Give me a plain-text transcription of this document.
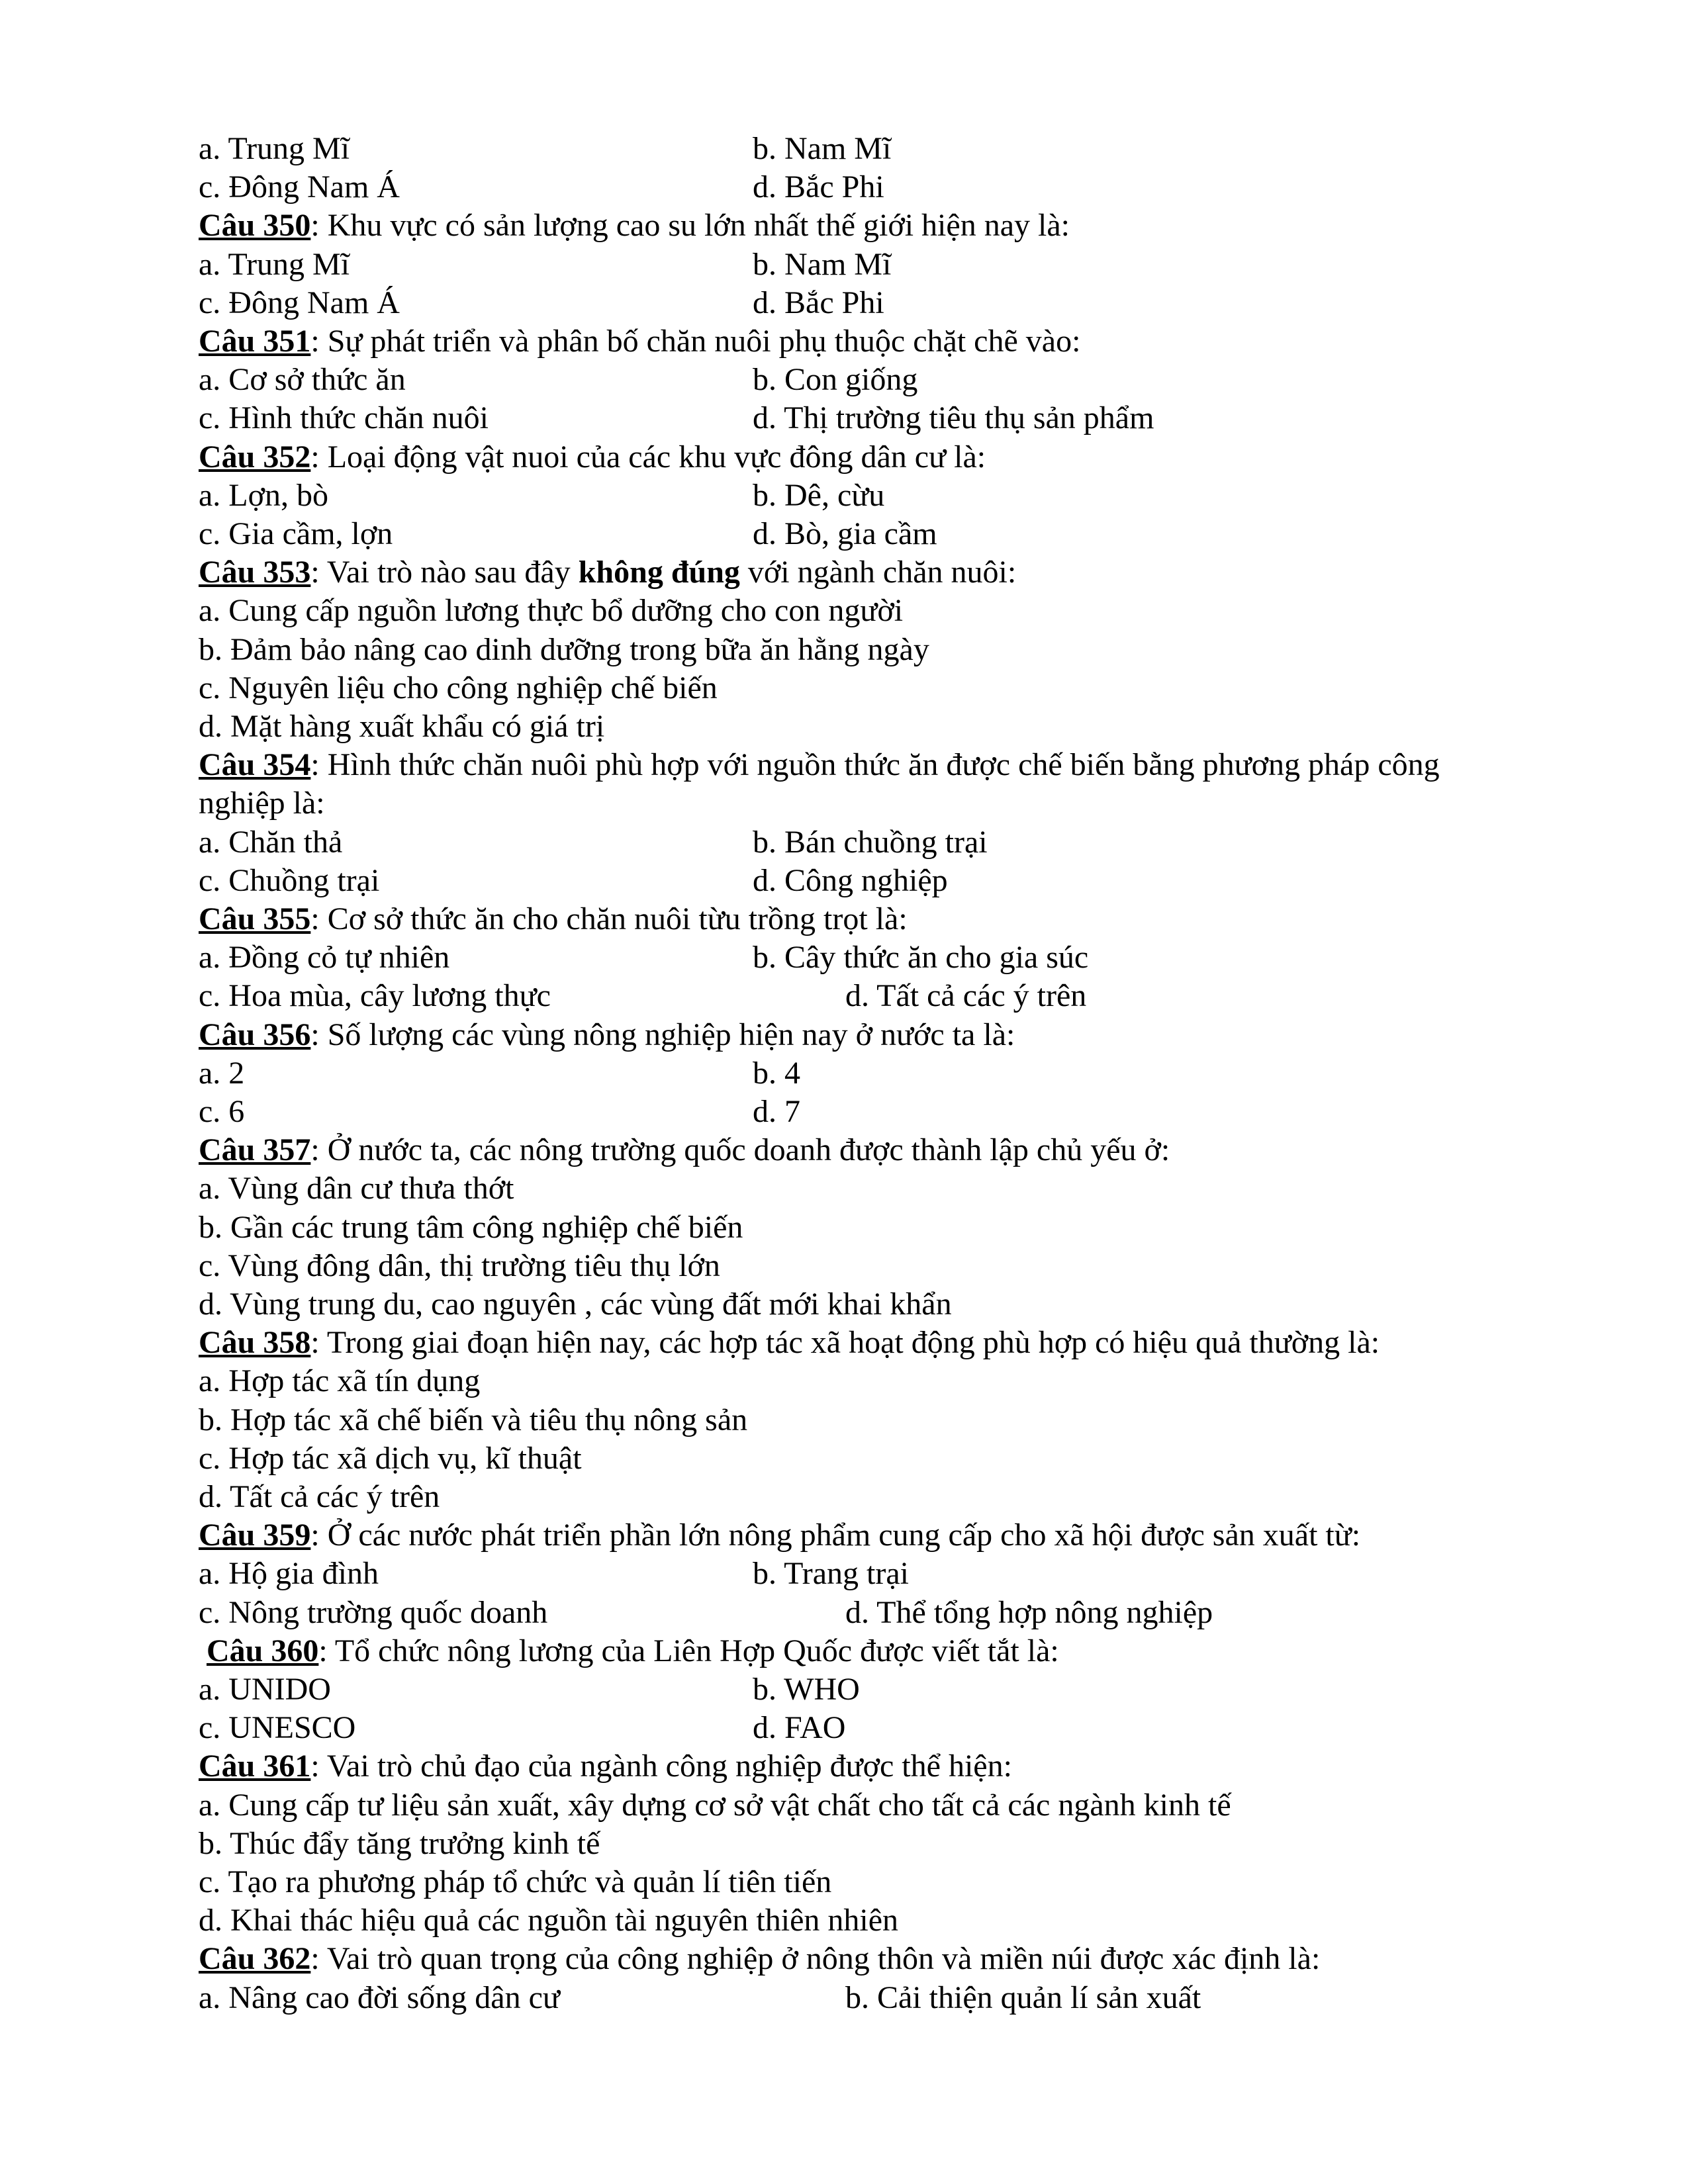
a. Trung Mĩ	b. Nam Mĩ
c. Đông Nam Á	d. Bắc Phi
Câu 350: Khu vực có sản lượng cao su lớn nhất thế giới hiện nay là:
a. Trung Mĩ	b. Nam Mĩ
c. Đông Nam Á	d. Bắc Phi
Câu 351: Sự phát triển và phân bố chăn nuôi phụ thuộc chặt chẽ vào:
a. Cơ sở thức ăn	b. Con giống
c. Hình thức chăn nuôi	d. Thị trường tiêu thụ sản phẩm
Câu 352: Loại động vật nuoi của các khu vực đông dân cư là:
a. Lợn, bò	b. Dê, cừu
c. Gia cầm, lợn	d. Bò, gia cầm
Câu 353: Vai trò nào sau đây không đúng với ngành chăn nuôi:
a. Cung cấp nguồn lương thực bổ dưỡng cho con người
b. Đảm bảo nâng cao dinh dưỡng trong bữa ăn hằng ngày
c. Nguyên liệu cho công nghiệp chế biến
d. Mặt hàng xuất khẩu có giá trị
Câu 354: Hình thức chăn nuôi phù hợp với nguồn thức ăn được chế biến bằng phương pháp công
nghiệp là:
a. Chăn thả	b. Bán chuồng trại
c. Chuồng trại	d. Công nghiệp
Câu 355: Cơ sở thức ăn cho chăn nuôi từu trồng trọt là:
a. Đồng cỏ tự nhiên	b. Cây thức ăn cho gia súc
c. Hoa mùa, cây lương thực	d. Tất cả các ý trên
Câu 356: Số lượng các vùng nông nghiệp hiện nay ở nước ta là:
a. 2	b. 4
c. 6	d. 7
Câu 357: Ở nước ta, các nông trường quốc doanh được thành lập chủ yếu ở:
a. Vùng dân cư thưa thớt
b. Gần các trung tâm công nghiệp chế biến
c. Vùng đông dân, thị trường tiêu thụ lớn
d. Vùng trung du, cao nguyên , các vùng đất mới khai khẩn
Câu 358: Trong giai đoạn hiện nay, các hợp tác xã hoạt động phù hợp có hiệu quả thường là:
a. Hợp tác xã tín dụng
b. Hợp tác xã chế biến và tiêu thụ nông sản
c. Hợp tác xã dịch vụ, kĩ thuật
d. Tất cả các ý trên
Câu 359: Ở các nước phát triển phần lớn nông phẩm cung cấp cho xã hội được sản xuất từ:
a. Hộ gia đình	b. Trang trại
c. Nông trường quốc doanh	d. Thể tổng hợp nông nghiệp
Câu 360: Tổ chức nông lương của Liên Hợp Quốc được viết tắt là:
a. UNIDO	b. WHO
c. UNESCO	d. FAO
Câu 361: Vai trò chủ đạo của ngành công nghiệp được thể hiện:
a. Cung cấp tư liệu sản xuất, xây dựng cơ sở vật chất cho tất cả các ngành kinh tế
b. Thúc đẩy tăng trưởng kinh tế
c. Tạo ra phương pháp tổ chức và quản lí tiên tiến
d. Khai thác hiệu quả các nguồn tài nguyên thiên nhiên
Câu 362: Vai trò quan trọng của công nghiệp ở nông thôn và miền núi được xác định là:
a. Nâng cao đời sống dân cư	b. Cải thiện quản lí sản xuất
